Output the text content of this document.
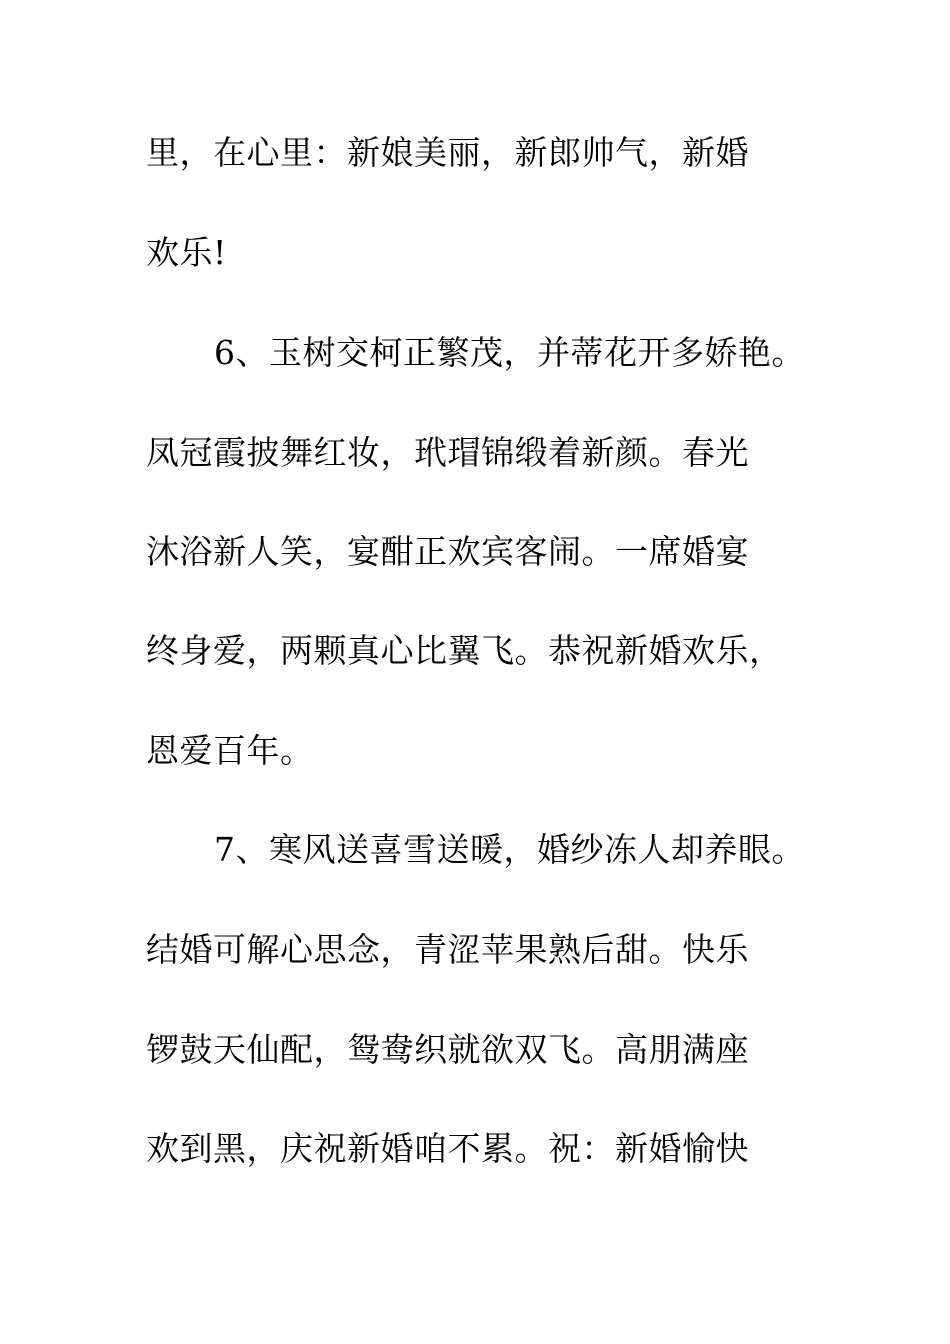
里，在心里：新娘美丽，新郎帅气，新婚
欢乐!
6、玉树交柯正繁茂，并蒂花开多娇艳。
凤冠霞披舞红妆，玳瑁锦缎着新颜。春光
沐浴新人笑，宴酣正欢宾客闹。一席婚宴
终身爱，两颗真心比翼飞。恭祝新婚欢乐，
恩爱百年。
7、寒风送喜雪送暖，婚纱冻人却养眼。
结婚可解心思念，青涩苹果熟后甜。快乐
锣鼓天仙配，鸳鸯织就欲双飞。高朋满座
欢到黑，庆祝新婚咱不累。祝：新婚愉快
